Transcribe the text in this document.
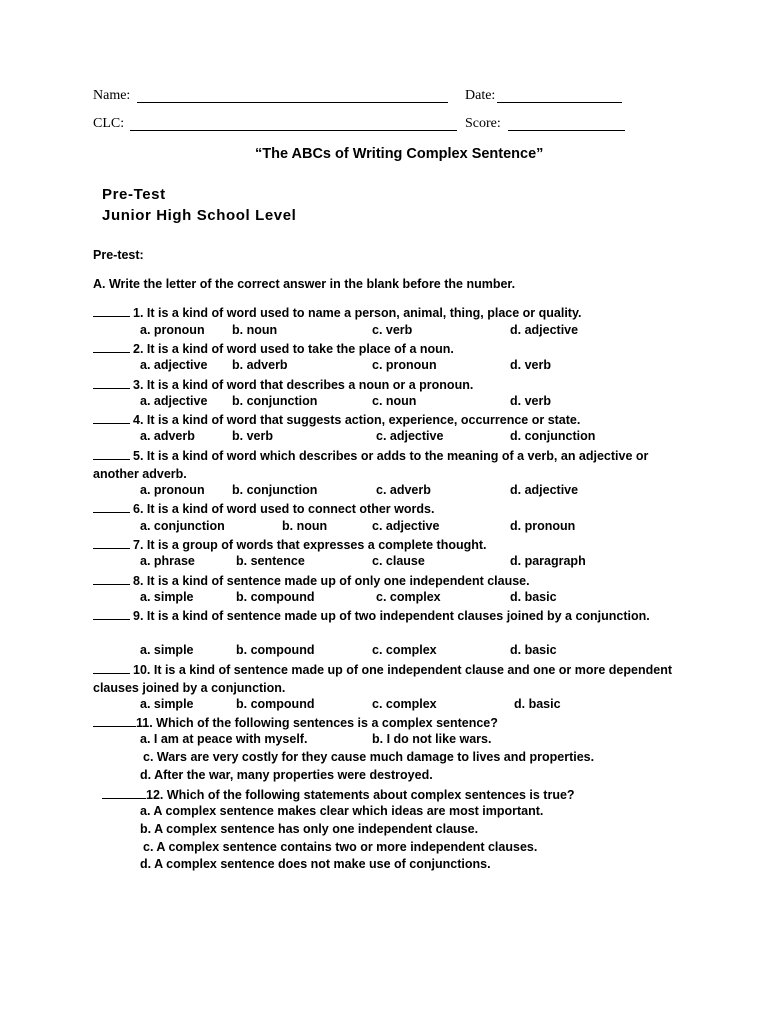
Name:	Date:
CLC:	Score:
“The ABCs of Writing Complex Sentence”
Pre-Test
Junior High School Level
Pre-test:
A. Write the letter of the correct answer in the blank before the number.
1. It is a kind of word used to name a person, animal, thing, place or quality.
a. pronoun b. noun	c. verb	d. adjective
2. It is a kind of word used to take the place of a noun.
a. adjective b. adverb	c. pronoun	d. verb
3. It is a kind of word that describes a noun or a pronoun.
a. adjective b. conjunction	c. noun	d. verb
4. It is a kind of word that suggests action, experience, occurrence or state.
a. adverb	b. verb	c. adjective	d. conjunction
5. It is a kind of word which describes or adds to the meaning of a verb, an adjective or another adverb.
a. pronoun b. conjunction	c. adverb	d. adjective
6. It is a kind of word used to connect other words.
a. conjunction	b. noun	c. adjective	d. pronoun
7. It is a group of words that expresses a complete thought.
a. phrase	b. sentence	c. clause	d. paragraph
8. It is a kind of sentence made up of only one independent clause.
a. simple	b. compound	c. complex	d. basic
9. It is a kind of sentence made up of two independent clauses joined by a conjunction.
a. simple	b. compound	c. complex	d. basic
10. It is a kind of sentence made up of one independent clause and one or more dependent clauses joined by a conjunction.
a. simple	b. compound	c. complex	d. basic
11. Which of the following sentences is a complex sentence?
a. I am at peace with myself.	b. I do not like wars.
c. Wars are very costly for they cause much damage to lives and properties.
d. After the war, many properties were destroyed.
12. Which of the following statements about complex sentences is true?
a. A complex sentence makes clear which ideas are most important.
b. A complex sentence has only one independent clause.
c. A complex sentence contains two or more independent clauses.
d. A complex sentence does not make use of conjunctions.
